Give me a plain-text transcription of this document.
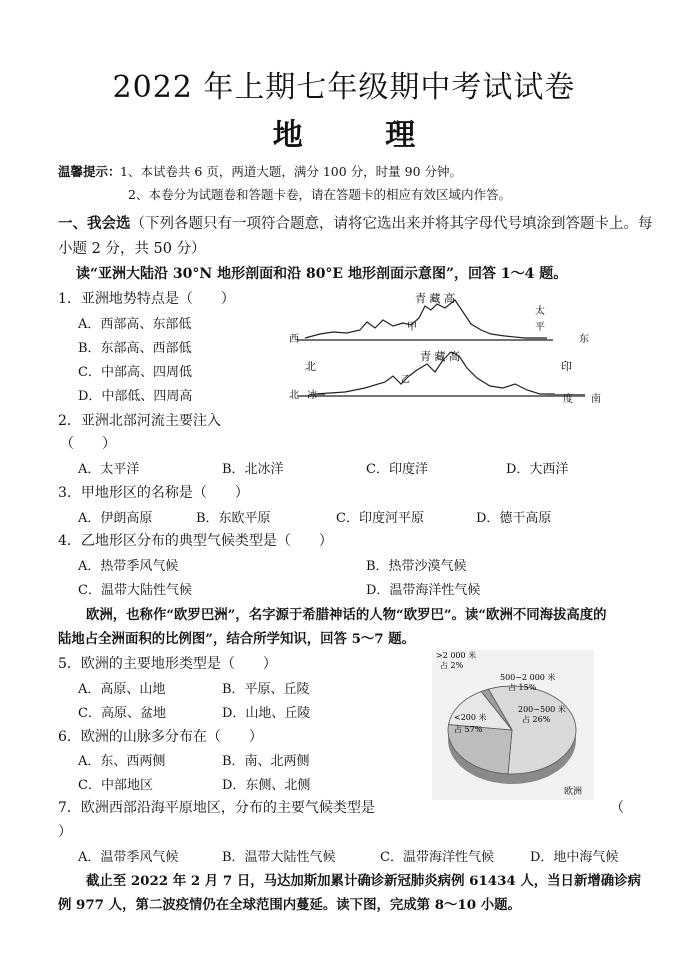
2022 年上期七年级期中考试试卷
地 理
温馨提示： 1、本试卷共 6 页，两道大题，满分 100 分，时量 90 分钟。
2、本卷分为试题卷和答题卡卷，请在答题卡的相应有效区域内作答。
一、我会选（下列各题只有一项符合题意，请将它选出来并将其字母代号填涂到答题卡上。每
小题 2 分，共 50 分）
读“亚洲大陆沿 30°N 地形剖面和沿 80°E 地形剖面示意图”，回答 1～4 题。
1．亚洲地势特点是（　　）
A．西部高、东部低
B．东部高、西部低
C．中部高、四周低
D．中部低、四周高
西	东
青 藏 高
甲
太
平
北
北 冰
青 藏 高
乙
印
度 南
2．亚洲北部河流主要注入
（　　）
A．太平洋	B．北冰洋	C．印度洋	D．大西洋
3．甲地形区的名称是（　　）
A．伊朗高原	B．东欧平原	C．印度河平原	D．德干高原
4．乙地形区分布的典型气候类型是（　　）
A．热带季风气候	B．热带沙漠气候
C．温带大陆性气候	D．温带海洋性气候
欧洲，也称作“欧罗巴洲”，名字源于希腊神话的人物“欧罗巴”。读“欧洲不同海拔高度的
陆地占全洲面积的比例图”，结合所学知识，回答 5～7 题。
5．欧洲的主要地形类型是（　　）
A．高原、山地	B．平原、丘陵
C．高原、盆地	D．山地、丘陵
6．欧洲的山脉多分布在（　　）
A．东、西两侧	B．南、北两侧
C．中部地区	D．东侧、北侧
>2 000 米
占 2%
500~2 000 米
占 15%
200~500 米
占 26%
<200 米
占 57%
欧洲
7．欧洲西部沿海平原地区，分布的主要气候类型是	（
）
A．温带季风气候	B．温带大陆性气候	C．温带海洋性气候	D．地中海气候
截止至 2022 年 2 月 7 日，马达加斯加累计确诊新冠肺炎病例 61434 人，当日新增确诊病
例 977 人，第二波疫情仍在全球范围内蔓延。读下图，完成第 8～10 小题。
